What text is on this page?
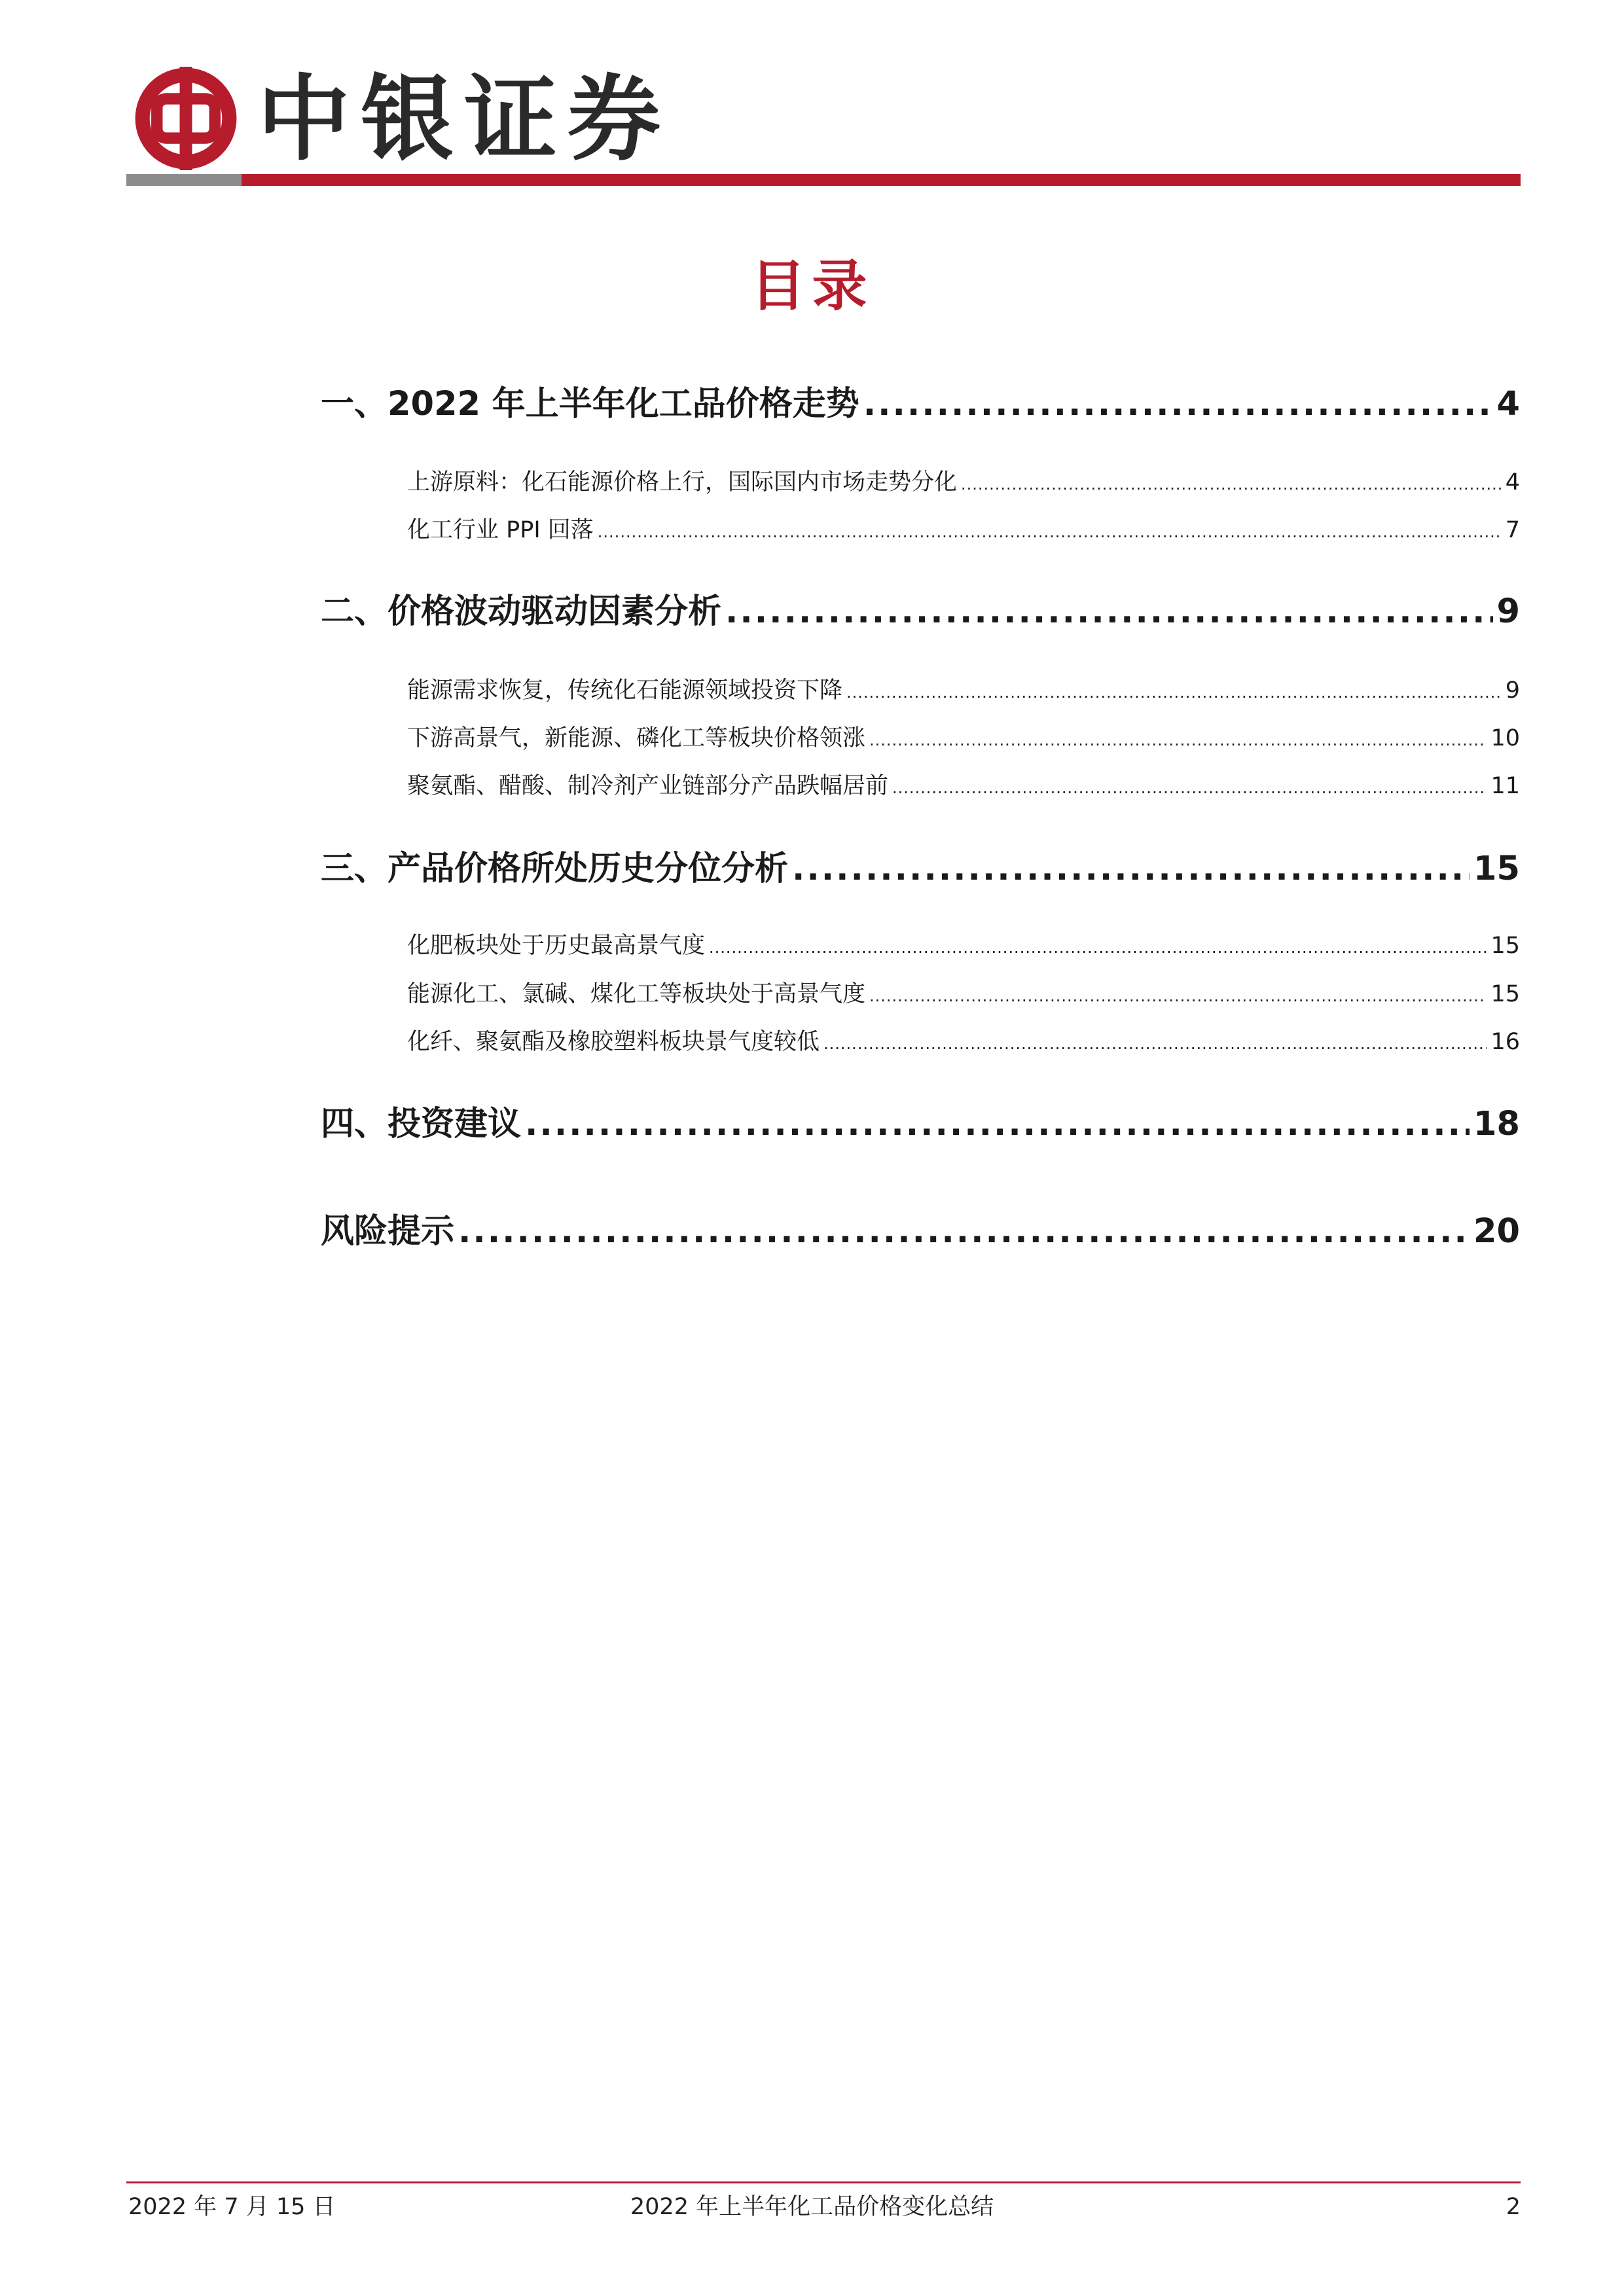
中银证券
目录
一、2022 年上半年化工品价格走势 .....	4
上游原料：化石能源价格上行，国际国内市场走势分化 .....	4
化工行业 PPI 回落 .....	7
二、价格波动驱动因素分析 .....	9
能源需求恢复，传统化石能源领域投资下降 .....	9
下游高景气，新能源、磷化工等板块价格领涨 .....	10
聚氨酯、醋酸、制冷剂产业链部分产品跌幅居前 .....	11
三、产品价格所处历史分位分析 .....	15
化肥板块处于历史最高景气度 .....	15
能源化工、氯碱、煤化工等板块处于高景气度 .....	15
化纤、聚氨酯及橡胶塑料板块景气度较低 .....	16
四、投资建议 .....	18
风险提示 .....	20
2022 年 7 月 15 日	2022 年上半年化工品价格变化总结	2
